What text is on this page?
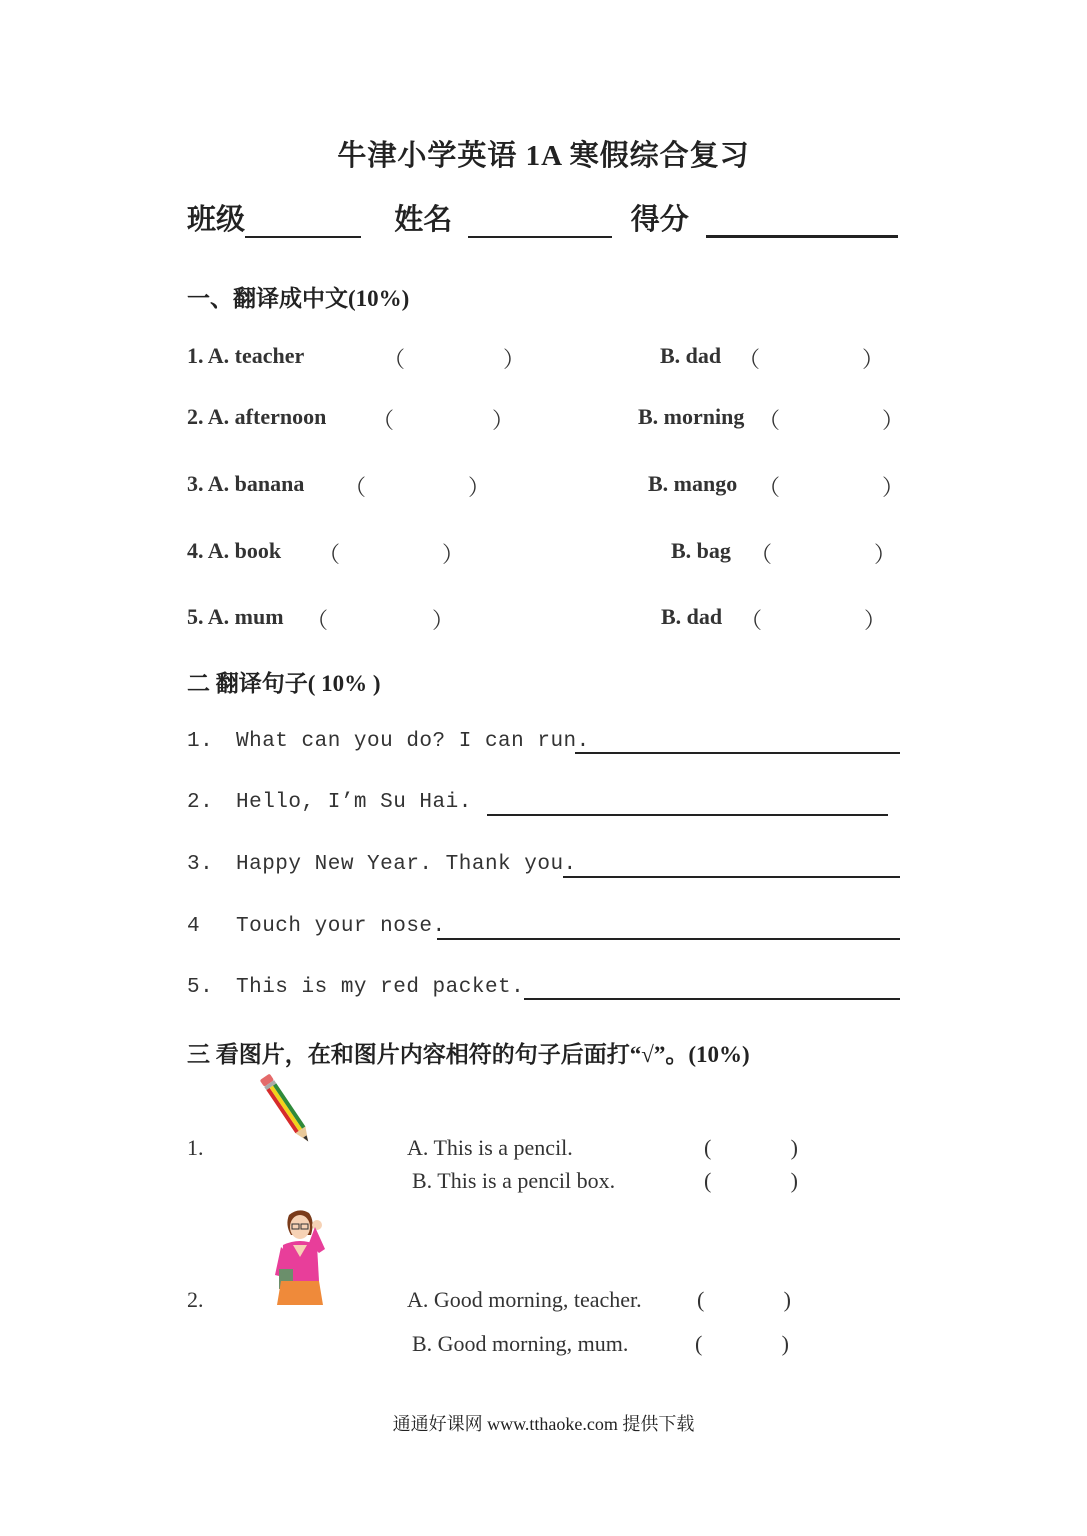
牛津小学英语 1A 寒假综合复习
班级	姓名	得分
一、翻译成中文(10%)
1. A. teacher	（	）	B. dad （	）
2. A. afternoon （	）	B. morning （	）
3. A. banana （	）	B. mango （	）
4. A. book （	）	B. bag （	）
5. A. mum （	）	B. dad （	）
二 翻译句子( 10% )
1. What can you do? I can run.
2. Hello, I’m Su Hai.
3. Happy New Year. Thank you.
4 Touch your nose.
5. This is my red packet.
三 看图片，在和图片内容相符的句子后面打“√”。(10%)
1.	A. This is a pencil.	(	)
B. This is a pencil box.	(	)
2.	A. Good morning, teacher.	(	)
B. Good morning, mum.	(	)
通通好课网 www.tthaoke.com 提供下载
